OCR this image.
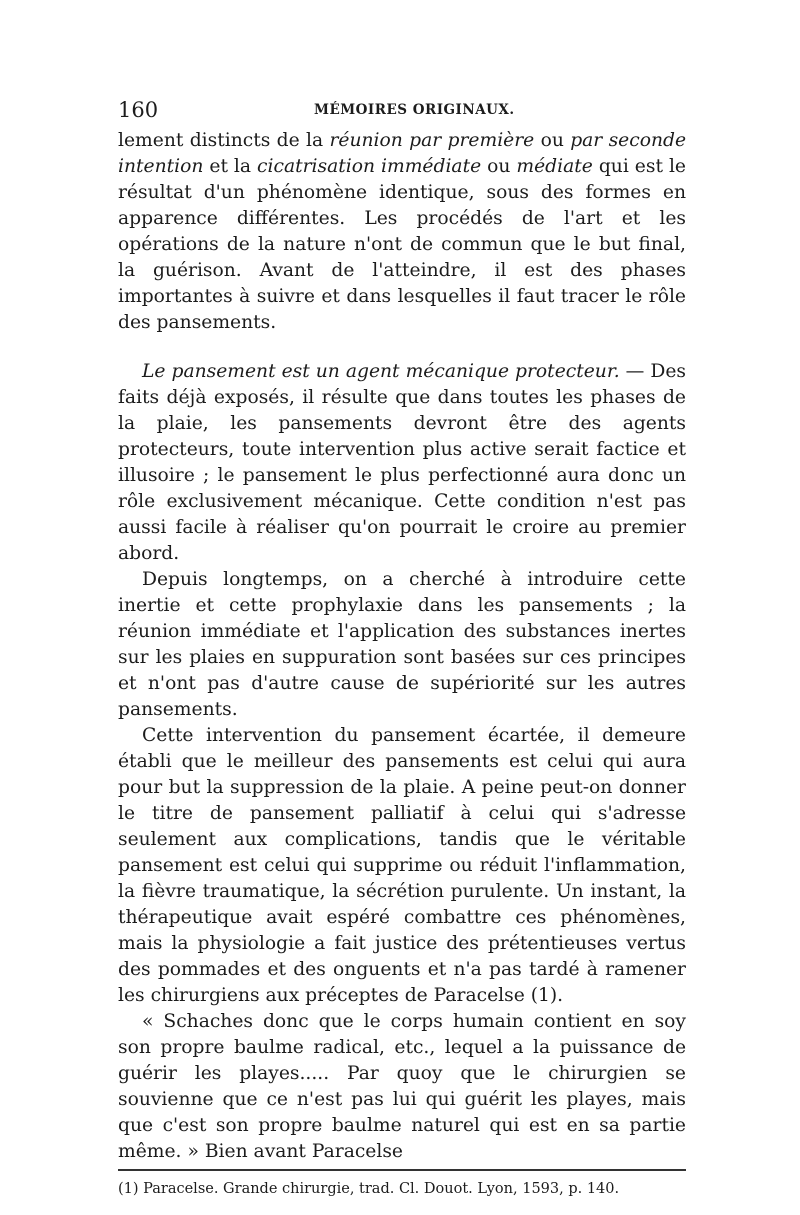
160	MÉMOIRES ORIGINAUX.

lement distincts de la réunion par première ou par seconde intention et la cicatrisation immédiate ou médiate qui est le résultat d'un phénomène identique, sous des formes en apparence différentes. Les procédés de l'art et les opérations de la nature n'ont de commun que le but final, la guérison. Avant de l'atteindre, il est des phases importantes à suivre et dans lesquelles il faut tracer le rôle des pansements.

Le pansement est un agent mécanique protecteur. — Des faits déjà exposés, il résulte que dans toutes les phases de la plaie, les pansements devront être des agents protecteurs, toute intervention plus active serait factice et illusoire ; le pansement le plus perfectionné aura donc un rôle exclusivement mécanique. Cette condition n'est pas aussi facile à réaliser qu'on pourrait le croire au premier abord.

Depuis longtemps, on a cherché à introduire cette inertie et cette prophylaxie dans les pansements ; la réunion immédiate et l'application des substances inertes sur les plaies en suppuration sont basées sur ces principes et n'ont pas d'autre cause de supériorité sur les autres pansements.

Cette intervention du pansement écartée, il demeure établi que le meilleur des pansements est celui qui aura pour but la suppression de la plaie. A peine peut-on donner le titre de pansement palliatif à celui qui s'adresse seulement aux complications, tandis que le véritable pansement est celui qui supprime ou réduit l'inflammation, la fièvre traumatique, la sécrétion purulente. Un instant, la thérapeutique avait espéré combattre ces phénomènes, mais la physiologie a fait justice des prétentieuses vertus des pommades et des onguents et n'a pas tardé à ramener les chirurgiens aux préceptes de Paracelse (1).

« Schaches donc que le corps humain contient en soy son propre baulme radical, etc., lequel a la puissance de guérir les playes..... Par quoy que le chirurgien se souvienne que ce n'est pas lui qui guérit les playes, mais que c'est son propre baulme naturel qui est en sa partie même. » Bien avant Paracelse

(1) Paracelse. Grande chirurgie, trad. Cl. Douot. Lyon, 1593, p. 140.
